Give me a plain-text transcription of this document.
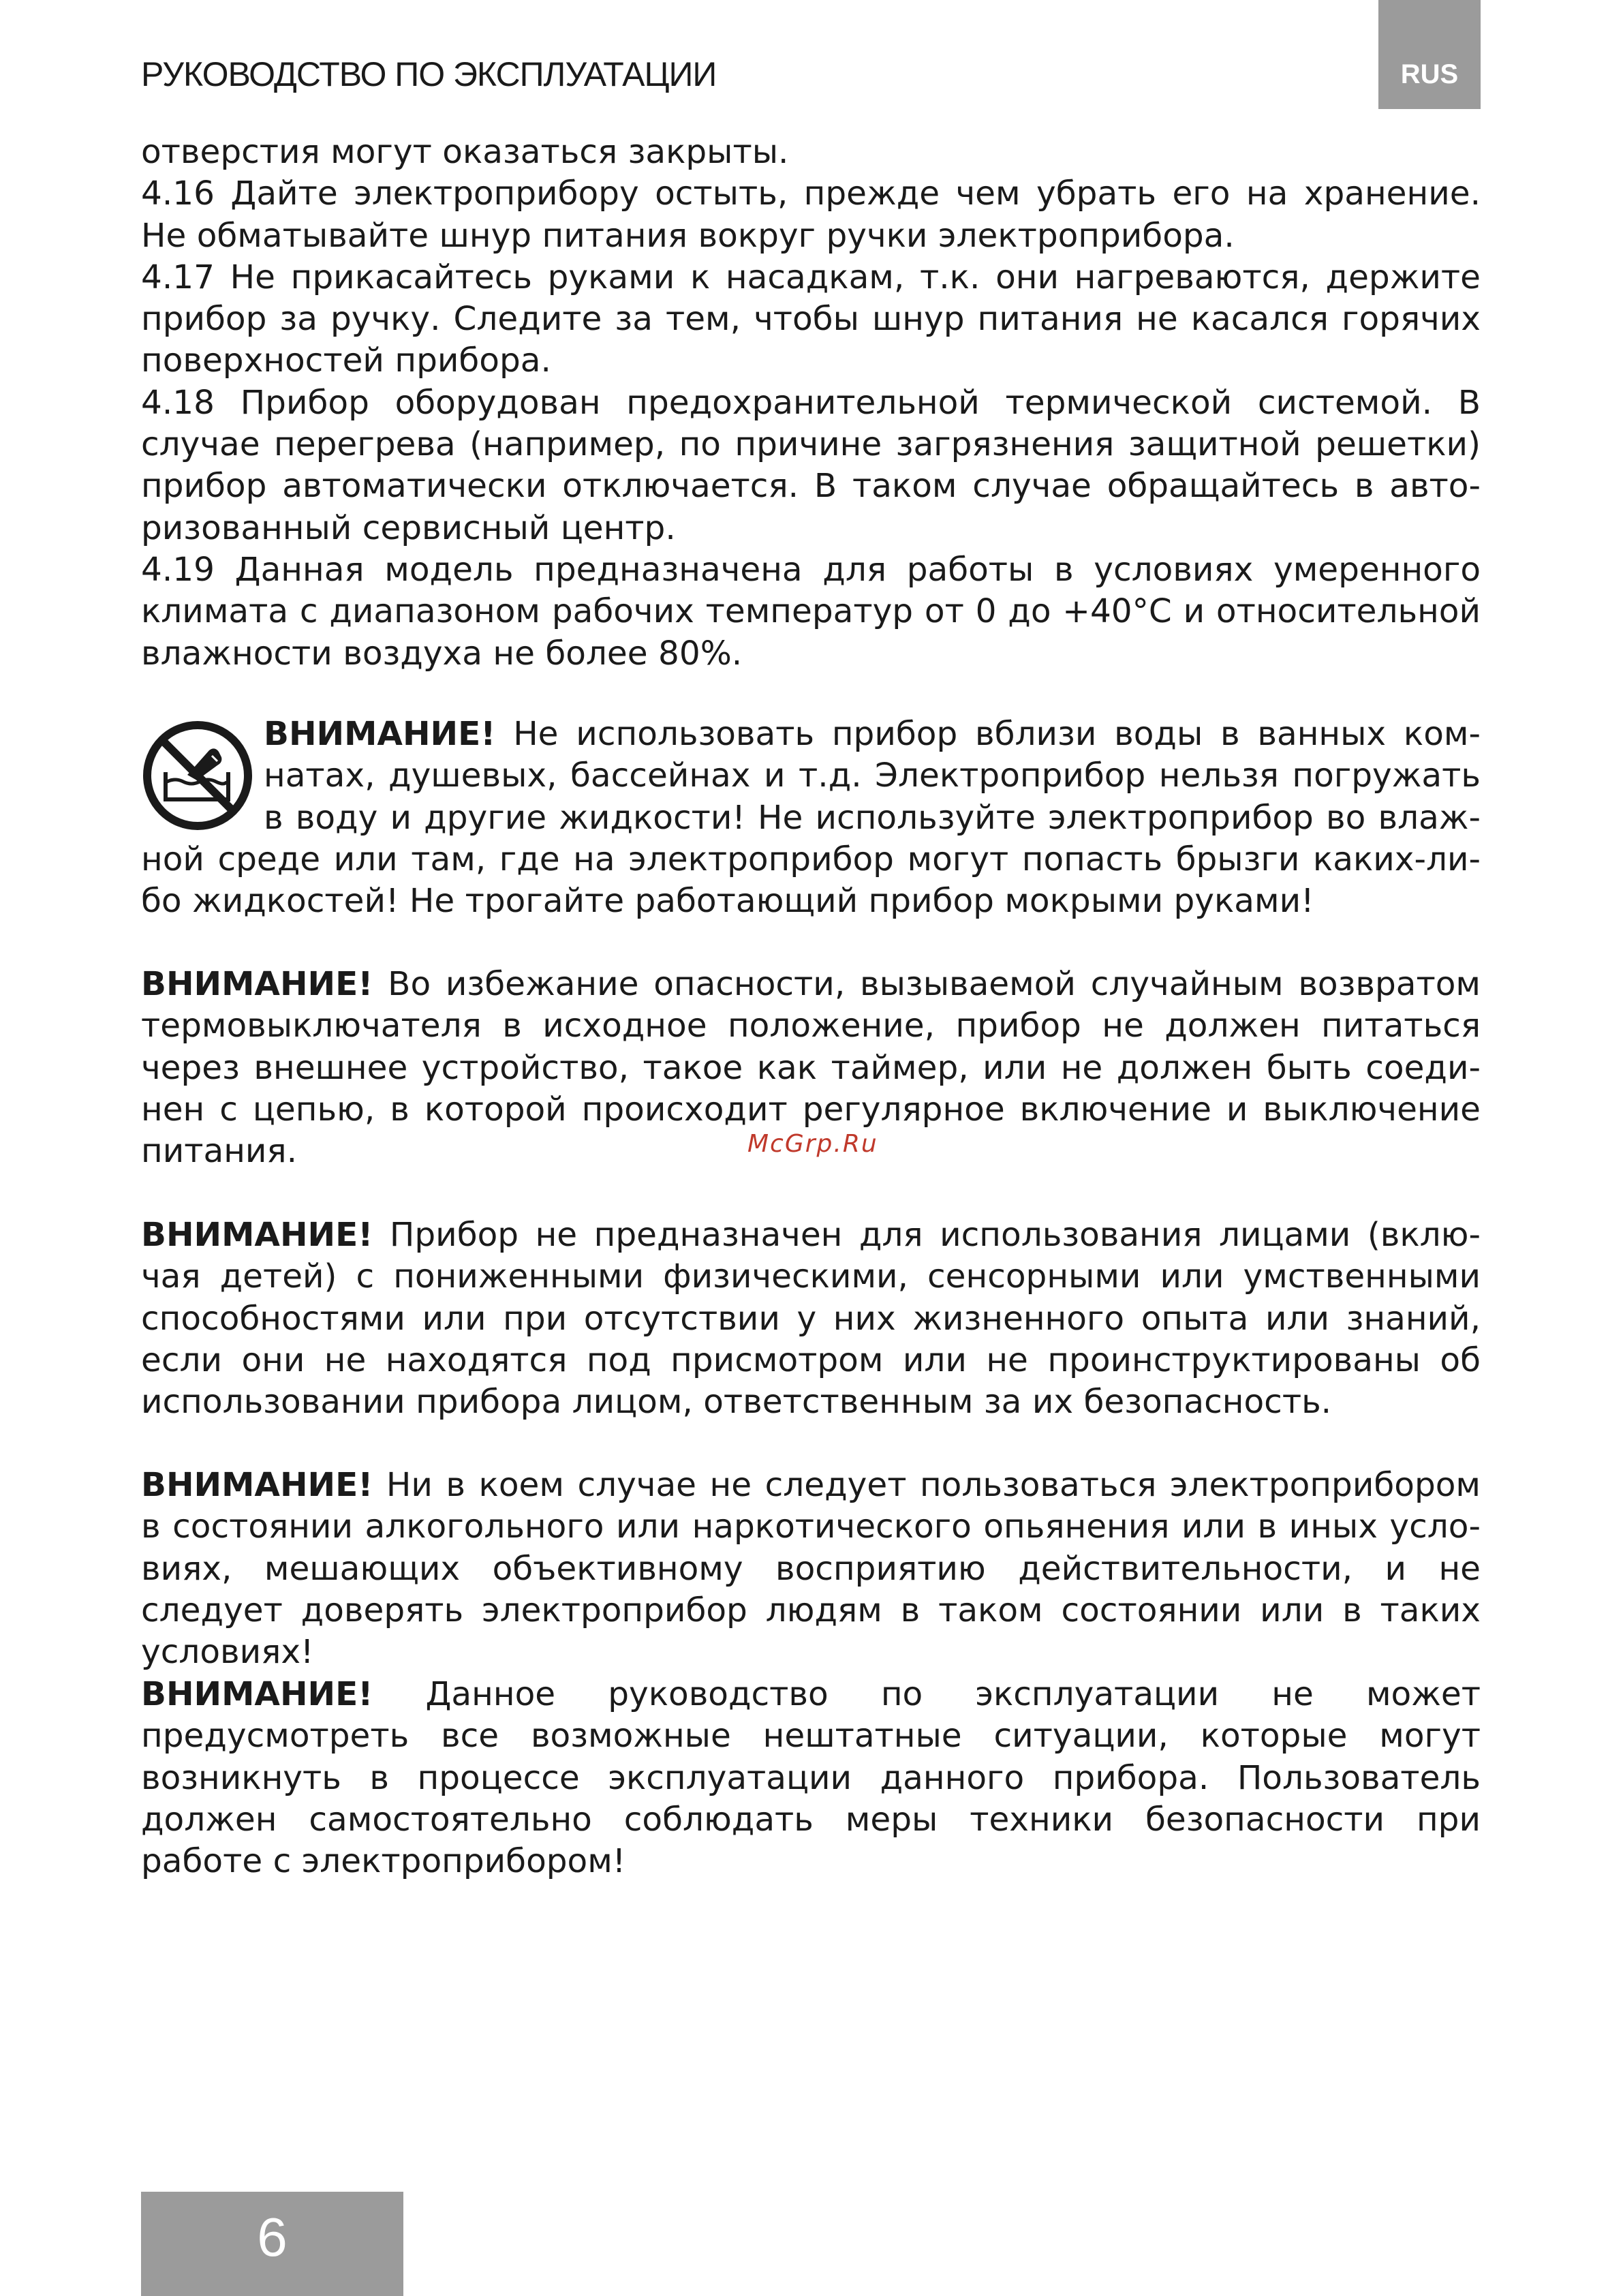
РУКОВОДСТВО ПО ЭКСПЛУАТАЦИИ	RUS

отверстия могут оказаться закрыты.

4.16 Дайте электроприбору остыть, прежде чем убрать его на хранение. Не обматывайте шнур питания вокруг ручки электроприбора.

4.17 Не прикасайтесь руками к насадкам, т.к. они нагреваются, держите прибор за ручку. Следите за тем, чтобы шнур питания не касался горячих поверхностей прибора.

4.18 Прибор оборудован предохранительной термической системой. В случае перегрева (например, по причине загрязнения защитной решетки) прибор автоматически отключается. В таком случае обращайтесь в авторизованный сервисный центр.

4.19 Данная модель предназначена для работы в условиях умеренного климата с диапазоном рабочих температур от 0 до +40°С и относительной влажности воздуха не более 80%.

ВНИМАНИЕ! Не использовать прибор вблизи воды в ванных комнатах, душевых, бассейнах и т.д. Электроприбор нельзя погружать в воду и другие жидкости! Не используйте электроприбор во влажной среде или там, где на электроприбор могут попасть брызги каких-либо жидкостей! Не трогайте работающий прибор мокрыми руками!
ВНИМАНИЕ! Во избежание опасности, вызываемой случайным возвратом термовыключателя в исходное положение, прибор не должен питаться через внешнее устройство, такое как таймер, или не должен быть соединен с цепью, в которой происходит регулярное включение и выключение питания.	McGrp.Ru
ВНИМАНИЕ! Прибор не предназначен для использования лицами (включая детей) с пониженными физическими, сенсорными или умственными способностями или при отсутствии у них жизненного опыта или знаний, если они не находятся под присмотром или не проинструктированы об использовании прибора лицом, ответственным за их безопасность.
ВНИМАНИЕ! Ни в коем случае не следует пользоваться электроприбором в состоянии алкогольного или наркотического опьянения или в иных условиях, мешающих объективному восприятию действительности, и не следует доверять электроприбор людям в таком состоянии или в таких условиях!
ВНИМАНИЕ! Данное руководство по эксплуатации не может предусмотреть все возможные нештатные ситуации, которые могут возникнуть в процессе эксплуатации данного прибора. Пользователь должен самостоятельно соблюдать меры техники безопасности при работе с электроприбором!
6
